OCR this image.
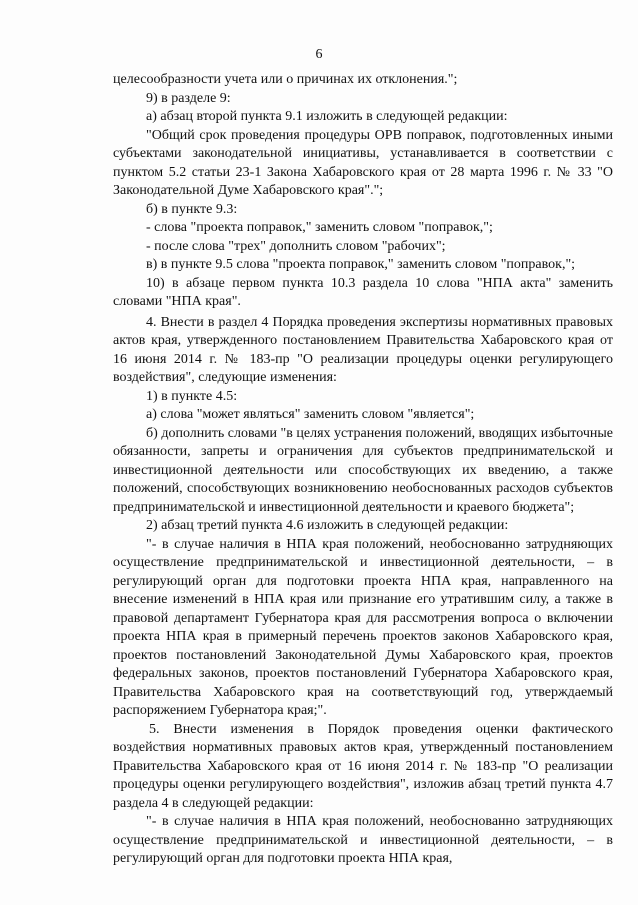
6

целесообразности учета или о причинах их отклонения.";

9) в разделе 9:

а) абзац второй пункта 9.1 изложить в следующей редакции:

"Общий срок проведения процедуры ОРВ поправок, подготовленных иными субъектами законодательной инициативы, устанавливается в соответствии с пунктом 5.2 статьи 23-1 Закона Хабаровского края от 28 марта 1996 г. № 33 "О Законодательной Думе Хабаровского края".";

б) в пункте 9.3:

- слова "проекта поправок," заменить словом "поправок,";

- после слова "трех" дополнить словом "рабочих";

в) в пункте 9.5 слова "проекта поправок," заменить словом "поправок,";

10) в абзаце первом пункта 10.3 раздела 10 слова "НПА акта" заменить словами "НПА края".

4. Внести в раздел 4 Порядка проведения экспертизы нормативных правовых актов края, утвержденного постановлением Правительства Хабаровского края от 16 июня 2014 г. № 183-пр "О реализации процедуры оценки регулирующего воздействия", следующие изменения:

1) в пункте 4.5:

а) слова "может являться" заменить словом "является";

б) дополнить словами "в целях устранения положений, вводящих избыточные обязанности, запреты и ограничения для субъектов предпринимательской и инвестиционной деятельности или способствующих их введению, а также положений, способствующих возникновению необоснованных расходов субъектов предпринимательской и инвестиционной деятельности и краевого бюджета";

2) абзац третий пункта 4.6 изложить в следующей редакции:

"- в случае наличия в НПА края положений, необоснованно затрудняющих осуществление предпринимательской и инвестиционной деятельности, – в регулирующий орган для подготовки проекта НПА края, направленного на внесение изменений в НПА края или признание его утратившим силу, а также в правовой департамент Губернатора края для рассмотрения вопроса о включении проекта НПА края в примерный перечень проектов законов Хабаровского края, проектов постановлений Законодательной Думы Хабаровского края, проектов федеральных законов, проектов постановлений Губернатора Хабаровского края, Правительства Хабаровского края на соответствующий год, утверждаемый распоряжением Губернатора края;".

5. Внести изменения в Порядок проведения оценки фактического воздействия нормативных правовых актов края, утвержденный постановлением Правительства Хабаровского края от 16 июня 2014 г. № 183-пр "О реализации процедуры оценки регулирующего воздействия", изложив абзац третий пункта 4.7 раздела 4 в следующей редакции:

"- в случае наличия в НПА края положений, необоснованно затрудняющих осуществление предпринимательской и инвестиционной деятельности, – в регулирующий орган для подготовки проекта НПА края,
